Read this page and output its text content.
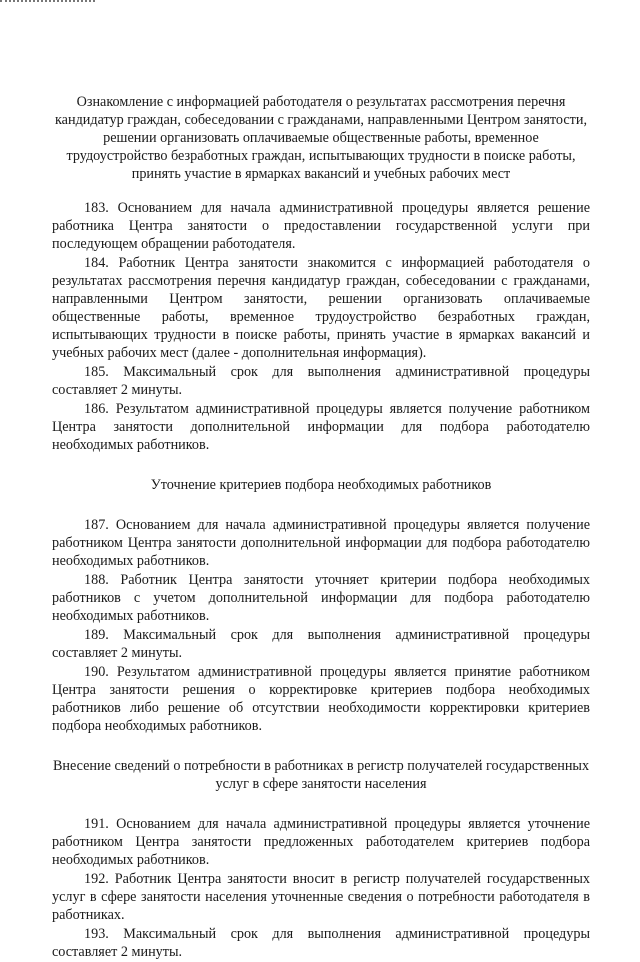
Ознакомление с информацией работодателя о результатах рассмотрения перечня кандидатур граждан, собеседовании с гражданами, направленными Центром занятости, решении организовать оплачиваемые общественные работы, временное трудоустройство безработных граждан, испытывающих трудности в поиске работы, принять участие в ярмарках вакансий и учебных рабочих мест

183. Основанием для начала административной процедуры является решение работника Центра занятости о предоставлении государственной услуги при последующем обращении работодателя.

184. Работник Центра занятости знакомится с информацией работодателя о результатах рассмотрения перечня кандидатур граждан, собеседовании с гражданами, направленными Центром занятости, решении организовать оплачиваемые общественные работы, временное трудоустройство безработных граждан, испытывающих трудности в поиске работы, принять участие в ярмарках вакансий и учебных рабочих мест (далее - дополнительная информация).

185. Максимальный срок для выполнения административной процедуры составляет 2 минуты.

186. Результатом административной процедуры является получение работником Центра занятости дополнительной информации для подбора работодателю необходимых работников.

Уточнение критериев подбора необходимых работников

187. Основанием для начала административной процедуры является получение работником Центра занятости дополнительной информации для подбора работодателю необходимых работников.

188. Работник Центра занятости уточняет критерии подбора необходимых работников с учетом дополнительной информации для подбора работодателю необходимых работников.

189. Максимальный срок для выполнения административной процедуры составляет 2 минуты.

190. Результатом административной процедуры является принятие работником Центра занятости решения о корректировке критериев подбора необходимых работников либо решение об отсутствии необходимости корректировки критериев подбора необходимых работников.

Внесение сведений о потребности в работниках в регистр получателей государственных услуг в сфере занятости населения

191. Основанием для начала административной процедуры является уточнение работником Центра занятости предложенных работодателем критериев подбора необходимых работников.

192. Работник Центра занятости вносит в регистр получателей государственных услуг в сфере занятости населения уточненные сведения о потребности работодателя в работниках.

193. Максимальный срок для выполнения административной процедуры составляет 2 минуты.
